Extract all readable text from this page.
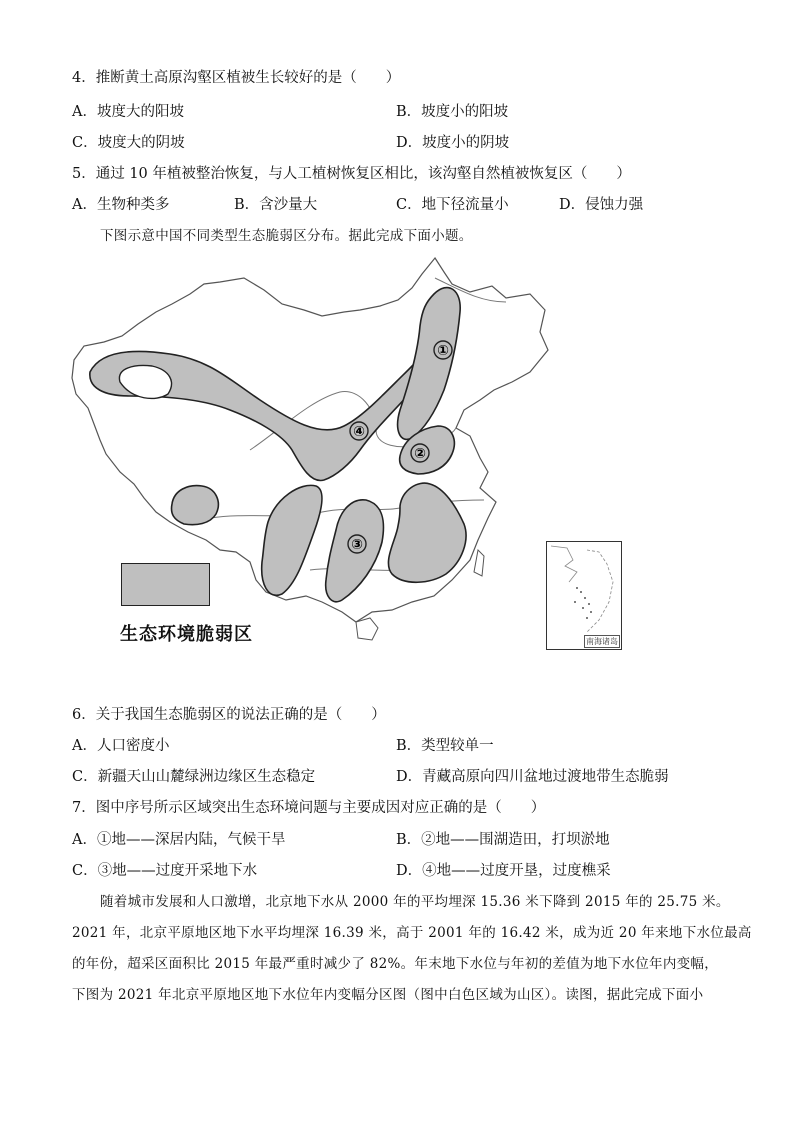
4．推断黄土高原沟壑区植被生长较好的是（　　）
A．坡度大的阳坡	B．坡度小的阳坡
C．坡度大的阴坡	D．坡度小的阴坡
5．通过 10 年植被整治恢复，与人工植树恢复区相比，该沟壑自然植被恢复区（　　）
A．生物种类多	B．含沙量大	C．地下径流量小	D．侵蚀力强
下图示意中国不同类型生态脆弱区分布。据此完成下面小题。
①
②
③
④
南海诸岛
生态环境脆弱区
6．关于我国生态脆弱区的说法正确的是（　　）
A．人口密度小	B．类型较单一
C．新疆天山山麓绿洲边缘区生态稳定	D．青藏高原向四川盆地过渡地带生态脆弱
7．图中序号所示区域突出生态环境问题与主要成因对应正确的是（　　）
A．①地——深居内陆，气候干旱	B．②地——围湖造田，打坝淤地
C．③地——过度开采地下水	D．④地——过度开垦，过度樵采
随着城市发展和人口激增，北京地下水从 2000 年的平均埋深 15.36 米下降到 2015 年的 25.75 米。
2021 年，北京平原地区地下水平均埋深 16.39 米，高于 2001 年的 16.42 米，成为近 20 年来地下水位最高
的年份，超采区面积比 2015 年最严重时减少了 82%。年末地下水位与年初的差值为地下水位年内变幅，
下图为 2021 年北京平原地区地下水位年内变幅分区图（图中白色区域为山区）。读图，据此完成下面小
